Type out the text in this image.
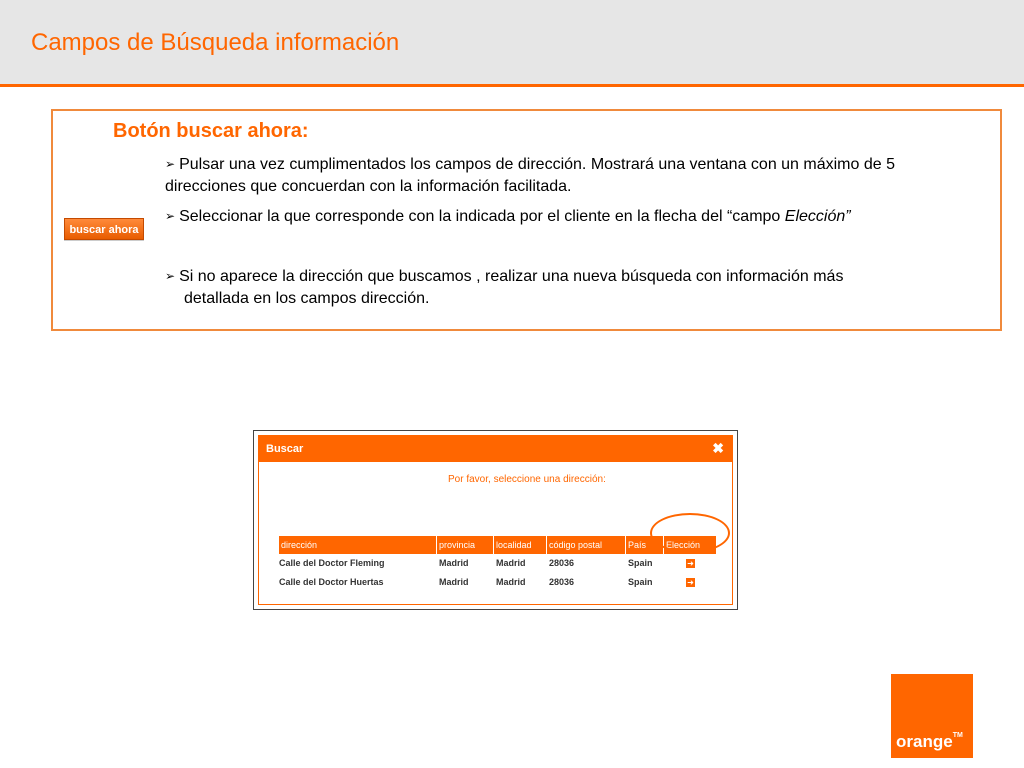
Campos de Búsqueda información
Botón buscar ahora:
➢ Pulsar una vez cumplimentados los campos de dirección. Mostrará una ventana con un máximo de 5
direcciones que concuerdan con la información facilitada.
➢ Seleccionar la que corresponde con la indicada por el cliente en la flecha del “campo Elección”
➢ Si no aparece la dirección que buscamos , realizar una nueva búsqueda con información más
detallada en los campos dirección.
buscar ahora
Buscar	✖
Por favor, seleccione una dirección:
dirección	provincia	localidad	código postal	País	Elección
Calle del Doctor Fleming	Madrid	Madrid	28036	Spain	➜
Calle del Doctor Huertas	Madrid	Madrid	28036	Spain	➜
orange™
